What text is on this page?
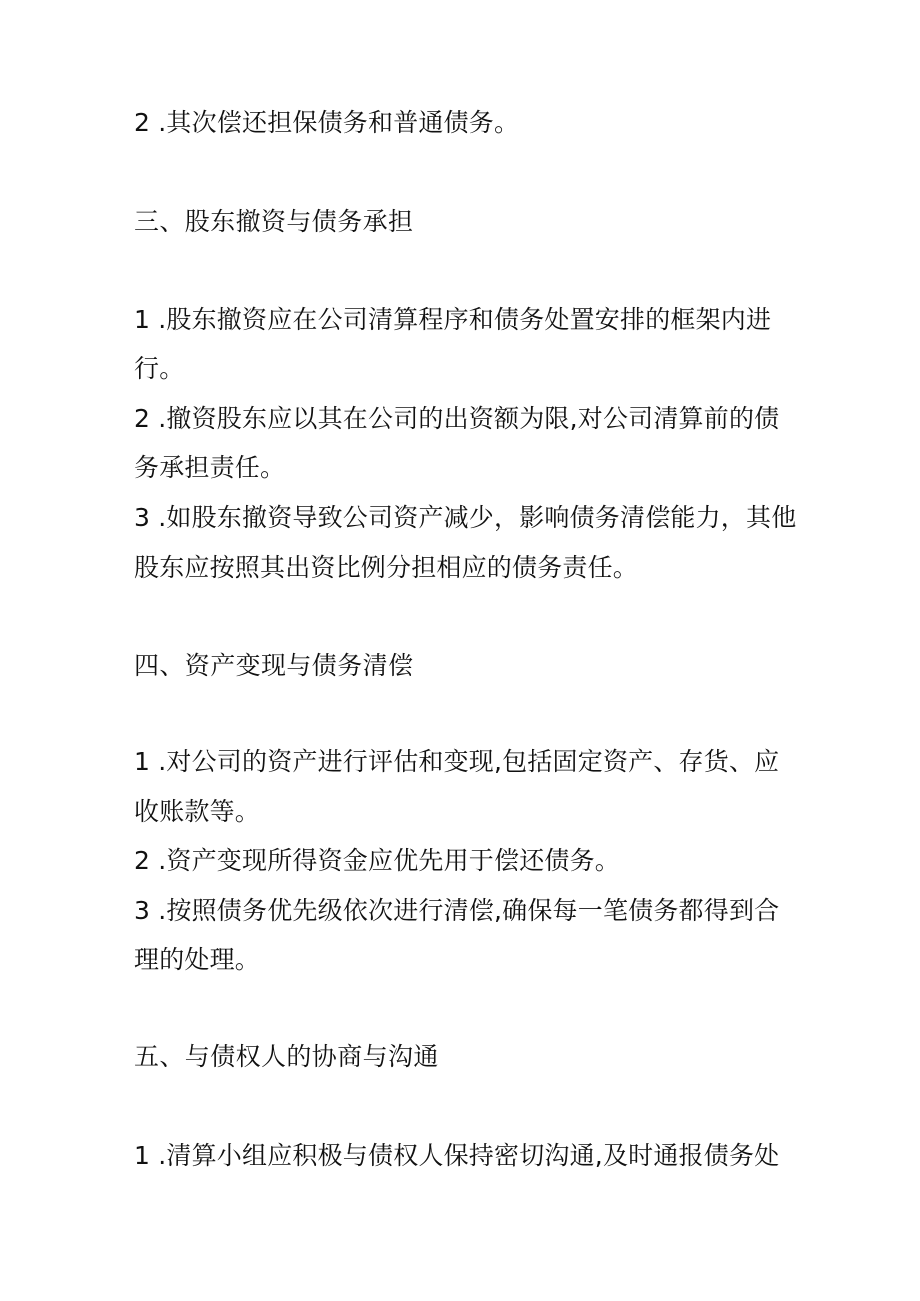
2 .其次偿还担保债务和普通债务。
三、股东撤资与债务承担
1 .股东撤资应在公司清算程序和债务处置安排的框架内进
行。
2 .撤资股东应以其在公司的出资额为限,对公司清算前的债
务承担责任。
3 .如股东撤资导致公司资产减少，影响债务清偿能力，其他
股东应按照其出资比例分担相应的债务责任。
四、资产变现与债务清偿
1 .对公司的资产进行评估和变现,包括固定资产、存货、应
收账款等。
2 .资产变现所得资金应优先用于偿还债务。
3 .按照债务优先级依次进行清偿,确保每一笔债务都得到合
理的处理。
五、与债权人的协商与沟通
1 .清算小组应积极与债权人保持密切沟通,及时通报债务处
